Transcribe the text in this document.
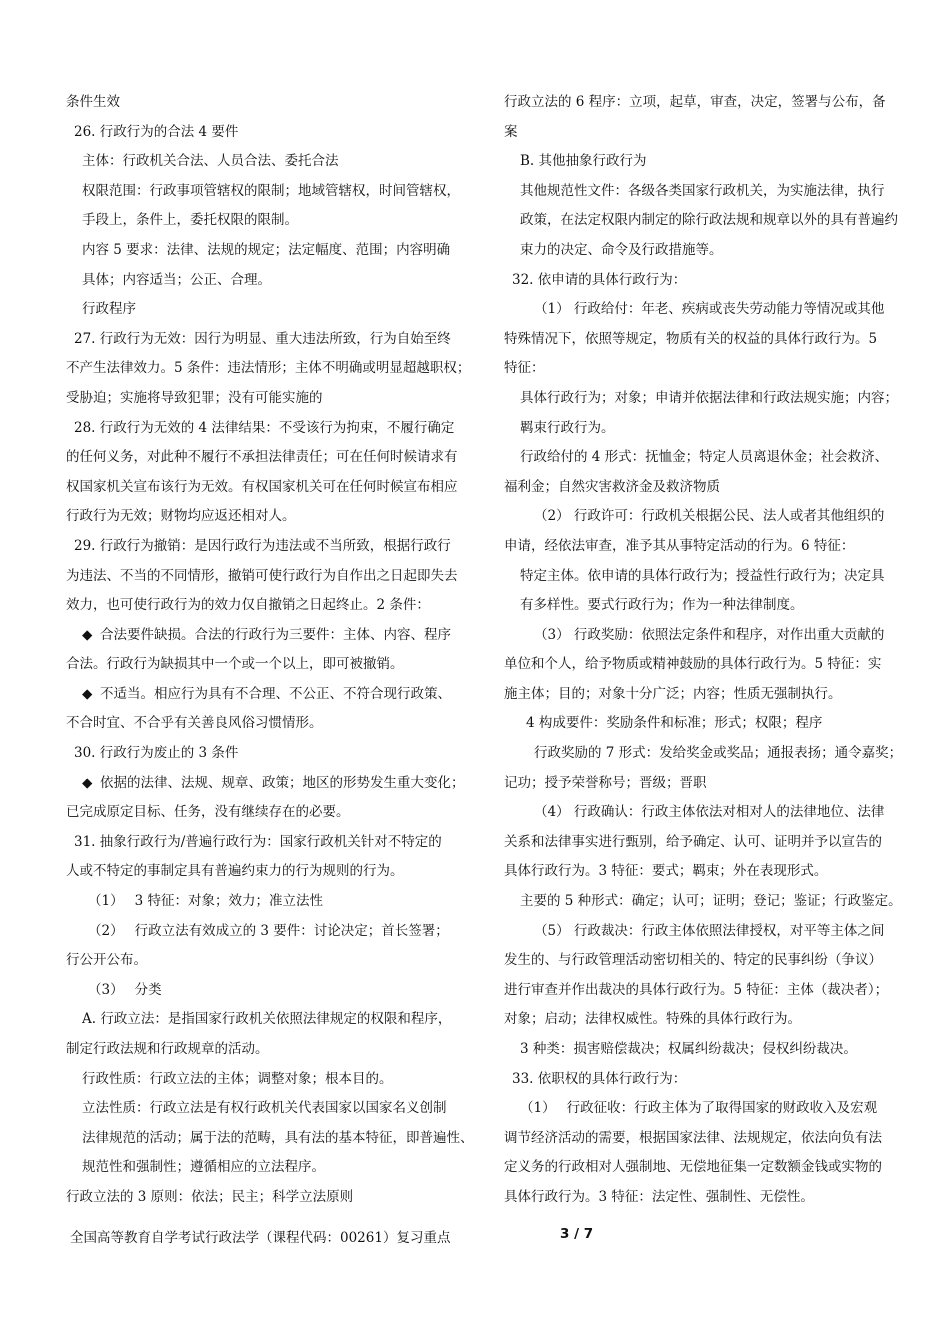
条件生效

26. 行政行为的合法 4 要件

主体：行政机关合法、人员合法、委托合法

权限范围：行政事项管辖权的限制；地域管辖权，时间管辖权，

手段上，条件上，委托权限的限制。

内容 5 要求：法律、法规的规定；法定幅度、范围；内容明确

具体；内容适当；公正、合理。

行政程序

27. 行政行为无效：因行为明显、重大违法所致，行为自始至终

不产生法律效力。5 条件：违法情形；主体不明确或明显超越职权；

受胁迫；实施将导致犯罪；没有可能实施的

28. 行政行为无效的 4 法律结果：不受该行为拘束，不履行确定

的任何义务，对此种不履行不承担法律责任；可在任何时候请求有

权国家机关宣布该行为无效。有权国家机关可在任何时候宣布相应

行政行为无效；财物均应返还相对人。

29. 行政行为撤销：是因行政行为违法或不当所致，根据行政行

为违法、不当的不同情形，撤销可使行政行为自作出之日起即失去

效力，也可使行政行为的效力仅自撤销之日起终止。2 条件：

◆ 合法要件缺损。合法的行政行为三要件：主体、内容、程序

合法。行政行为缺损其中一个或一个以上，即可被撤销。

◆ 不适当。相应行为具有不合理、不公正、不符合现行政策、

不合时宜、不合乎有关善良风俗习惯情形。

30. 行政行为废止的 3 条件

◆ 依据的法律、法规、规章、政策；地区的形势发生重大变化；

已完成原定目标、任务，没有继续存在的必要。

31. 抽象行政行为/普遍行政行为：国家行政机关针对不特定的

人或不特定的事制定具有普遍约束力的行为规则的行为。

（1）　 3 特征：对象；效力；准立法性

（2）　 行政立法有效成立的 3 要件：讨论决定；首长签署；

行公开公布。

（3）　 分类

A. 行政立法：是指国家行政机关依照法律规定的权限和程序，

制定行政法规和行政规章的活动。

行政性质：行政立法的主体；调整对象；根本目的。

立法性质：行政立法是有权行政机关代表国家以国家名义创制

法律规范的活动；属于法的范畴，具有法的基本特征，即普遍性、

规范性和强制性；遵循相应的立法程序。

行政立法的 3 原则：依法；民主；科学立法原则

行政立法的 6 程序：立项，起草，审查，决定，签署与公布，备

案

B. 其他抽象行政行为

其他规范性文件：各级各类国家行政机关，为实施法律，执行

政策，在法定权限内制定的除行政法规和规章以外的具有普遍约

束力的决定、命令及行政措施等。

32. 依申请的具体行政行为：

（1） 行政给付：年老、疾病或丧失劳动能力等情况或其他

特殊情况下，依照等规定，物质有关的权益的具体行政行为。5

特征：

具体行政行为；对象；申请并依据法律和行政法规实施；内容；

羁束行政行为。

行政给付的 4 形式：抚恤金；特定人员离退休金；社会救济、

福利金；自然灾害救济金及救济物质

（2） 行政许可：行政机关根据公民、法人或者其他组织的

申请，经依法审查，准予其从事特定活动的行为。6 特征：

特定主体。依申请的具体行政行为；授益性行政行为；决定具

有多样性。要式行政行为；作为一种法律制度。

（3） 行政奖励：依照法定条件和程序，对作出重大贡献的

单位和个人，给予物质或精神鼓励的具体行政行为。5 特征：实

施主体；目的；对象十分广泛；内容；性质无强制执行。

4 构成要件：奖励条件和标准；形式；权限；程序

行政奖励的 7 形式：发给奖金或奖品；通报表扬；通令嘉奖；

记功；授予荣誉称号；晋级；晋职

（4） 行政确认：行政主体依法对相对人的法律地位、法律

关系和法律事实进行甄别，给予确定、认可、证明并予以宣告的

具体行政行为。3 特征：要式；羁束；外在表现形式。

主要的 5 种形式：确定；认可；证明；登记；鉴证；行政鉴定。

（5） 行政裁决：行政主体依照法律授权，对平等主体之间

发生的、与行政管理活动密切相关的、特定的民事纠纷（争议）

进行审查并作出裁决的具体行政行为。5 特征：主体（裁决者）；

对象；启动；法律权威性。特殊的具体行政行为。

3 种类：损害赔偿裁决；权属纠纷裁决；侵权纠纷裁决。

33. 依职权的具体行政行为：

（1）　 行政征收：行政主体为了取得国家的财政收入及宏观

调节经济活动的需要，根据国家法律、法规规定，依法向负有法

定义务的行政相对人强制地、无偿地征集一定数额金钱或实物的

具体行政行为。3 特征：法定性、强制性、无偿性。

全国高等教育自学考试行政法学（课程代码：00261）复习重点	3 / 7
